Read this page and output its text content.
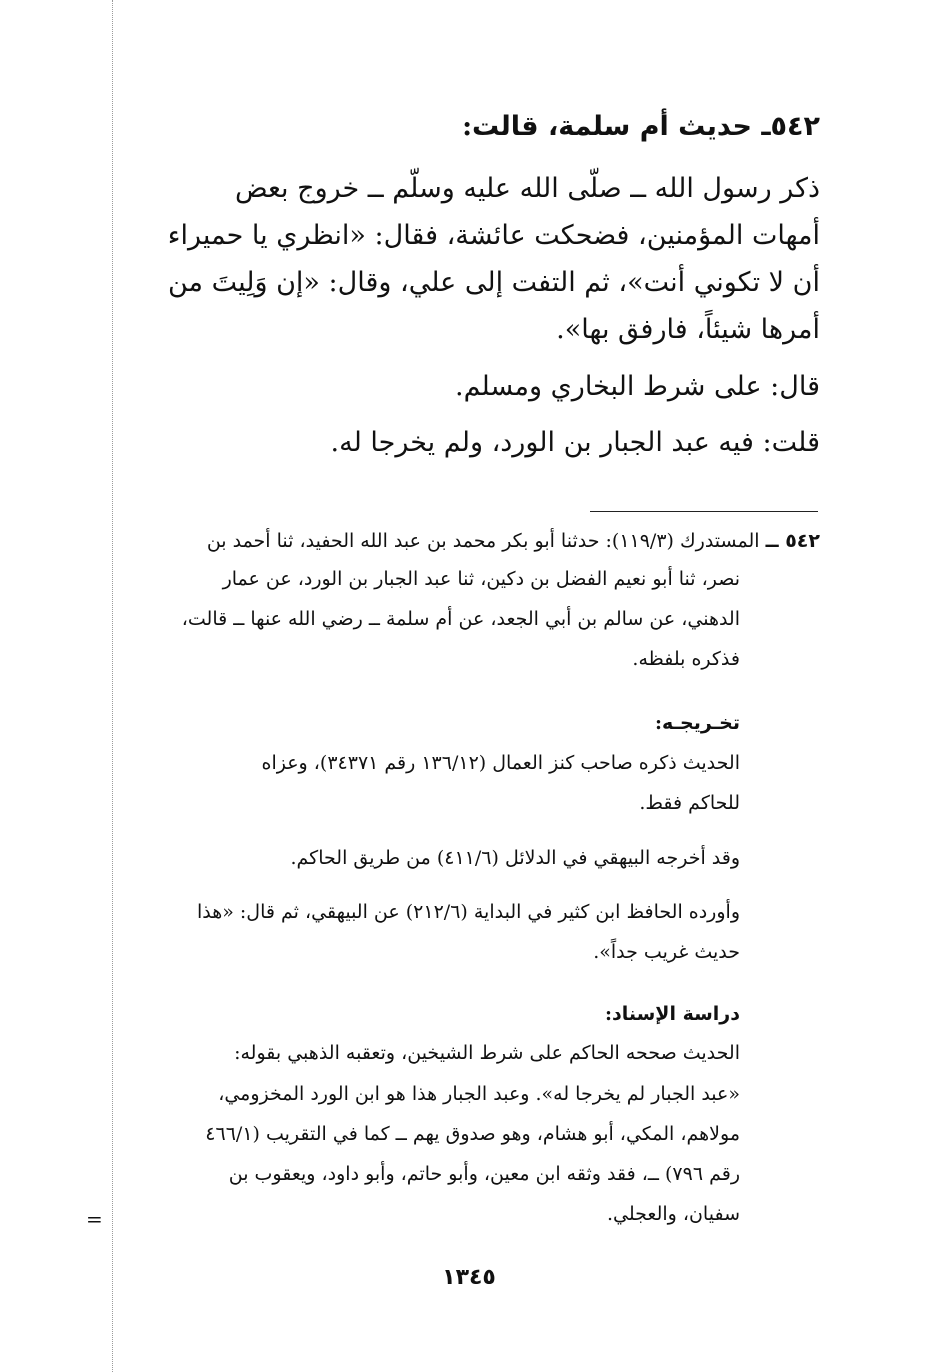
=
٥٤٢ـ حديث أم سلمة، قالت:
ذكر رسول الله ــ صلّى الله عليه وسلّم ــ خروج بعض
أمهات المؤمنين، فضحكت عائشة، فقال: «انظري يا حميراء
أن لا تكوني أنت»، ثم التفت إلى علي، وقال: «إن وَلِيتَ من
أمرها شيئاً، فارفق بها».
قال: على شرط البخاري ومسلم.
قلت: فيه عبد الجبار بن الورد، ولم يخرجا له.
٥٤٢ ــ المستدرك (١١٩/٣): حدثنا أبو بكر محمد بن عبد الله الحفيد، ثنا أحمد بن
نصر، ثنا أبو نعيم الفضل بن دكين، ثنا عبد الجبار بن الورد، عن عمار
الدهني، عن سالم بن أبي الجعد، عن أم سلمة ــ رضي الله عنها ــ قالت،
فذكره بلفظه.
تخـريجـه:
الحديث ذكره صاحب كنز العمال (١٣٦/١٢ رقم ٣٤٣٧١)، وعزاه
للحاكم فقط.
وقد أخرجه البيهقي في الدلائل (٤١١/٦) من طريق الحاكم.
وأورده الحافظ ابن كثير في البداية (٢١٢/٦) عن البيهقي، ثم قال: «هذا
حديث غريب جداً».
دراسة الإسناد:
الحديث صححه الحاكم على شرط الشيخين، وتعقبه الذهبي بقوله:
«عبد الجبار لم يخرجا له». وعبد الجبار هذا هو ابن الورد المخزومي،
مولاهم، المكي، أبو هشام، وهو صدوق يهم ــ كما في التقريب (٤٦٦/١
رقم ٧٩٦) ــ، فقد وثقه ابن معين، وأبو حاتم، وأبو داود، ويعقوب بن
سفيان، والعجلي.
١٣٤٥
